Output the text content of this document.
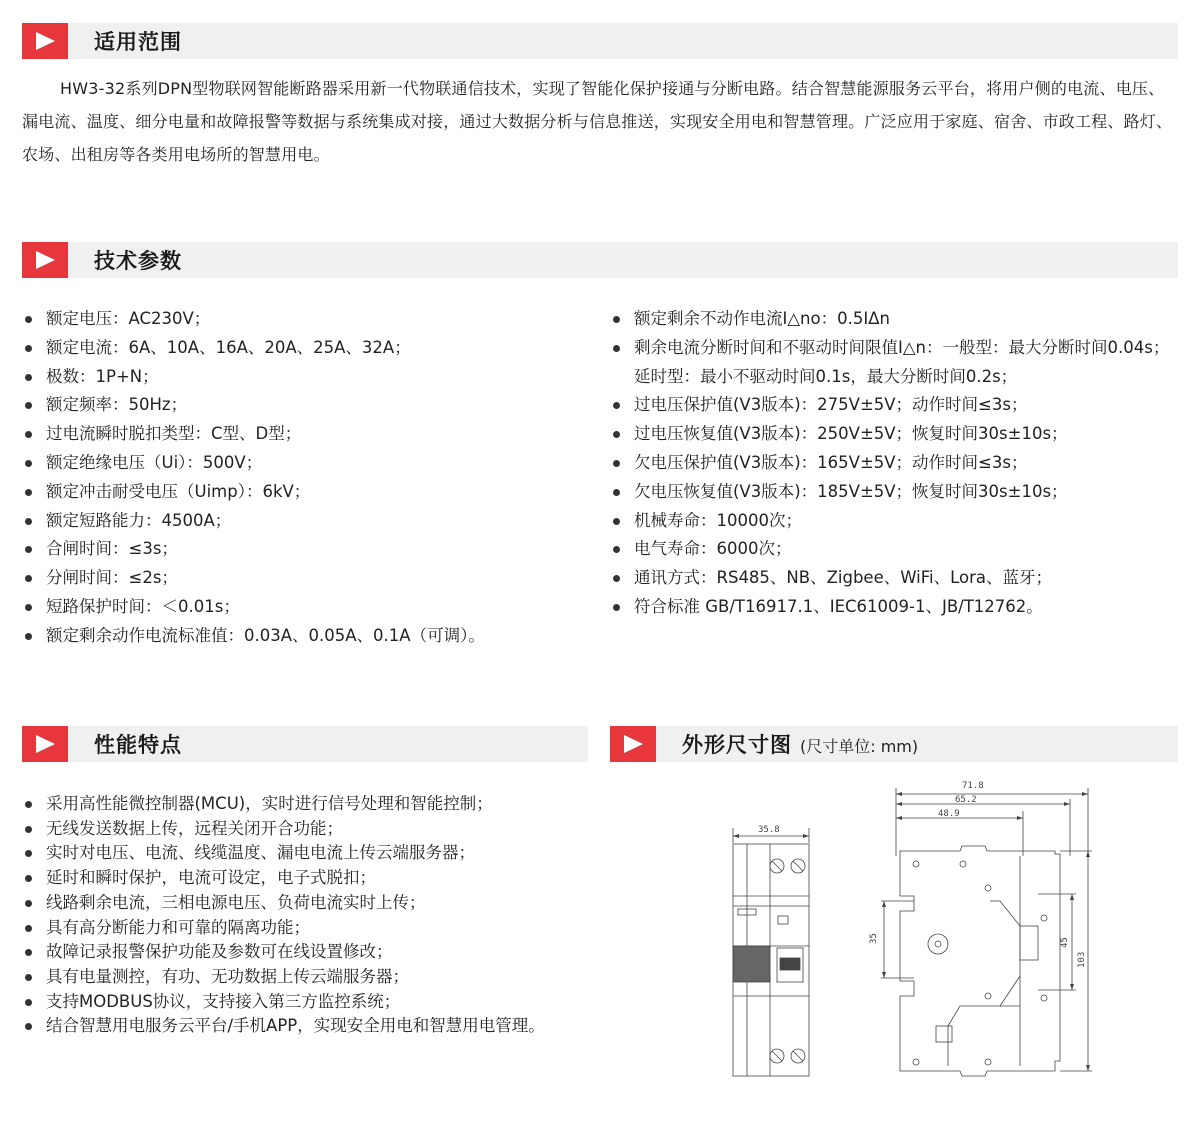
适用范围

HW3-32系列DPN型物联网智能断路器采用新一代物联通信技术，实现了智能化保护接通与分断电路。结合智慧能源服务云平台，将用户侧的电流、电压、漏电流、温度、细分电量和故障报警等数据与系统集成对接，通过大数据分析与信息推送，实现安全用电和智慧管理。广泛应用于家庭、宿舍、市政工程、路灯、农场、出租房等各类用电场所的智慧用电。

技术参数
额定电压：AC230V；
额定电流：6A、10A、16A、20A、25A、32A；
极数：1P+N；
额定频率：50Hz；
过电流瞬时脱扣类型：C型、D型；
额定绝缘电压（Ui）：500V；
额定冲击耐受电压（Uimp）：6kV；
额定短路能力：4500A；
合闸时间：≤3s；
分闸时间：≤2s；
短路保护时间：＜0.01s；
额定剩余动作电流标准值：0.03A、0.05A、0.1A（可调）。
额定剩余不动作电流I△no：0.5IΔn
剩余电流分断时间和不驱动时间限值I△n：一般型：最大分断时间0.04s；延时型：最小不驱动时间0.1s，最大分断时间0.2s；
过电压保护值(V3版本)：275V±5V；动作时间≤3s；
过电压恢复值(V3版本)：250V±5V；恢复时间30s±10s；
欠电压保护值(V3版本)：165V±5V；动作时间≤3s；
欠电压恢复值(V3版本)：185V±5V；恢复时间30s±10s；
机械寿命：10000次；
电气寿命：6000次；
通讯方式：RS485、NB、Zigbee、WiFi、Lora、蓝牙；
符合标准 GB/T16917.1、IEC61009-1、JB/T12762。
性能特点
采用高性能微控制器(MCU)，实时进行信号处理和智能控制；
无线发送数据上传，远程关闭开合功能；
实时对电压、电流、线缆温度、漏电电流上传云端服务器；
延时和瞬时保护，电流可设定，电子式脱扣；
线路剩余电流，三相电源电压、负荷电流实时上传；
具有高分断能力和可靠的隔离功能；
故障记录报警保护功能及参数可在线设置修改；
具有电量测控，有功、无功数据上传云端服务器；
支持MODBUS协议，支持接入第三方监控系统；
结合智慧用电服务云平台/手机APP，实现安全用电和智慧用电管理。
外形尺寸图 (尺寸单位: mm)
35.8
71.8
65.2
48.9
35	45
103
